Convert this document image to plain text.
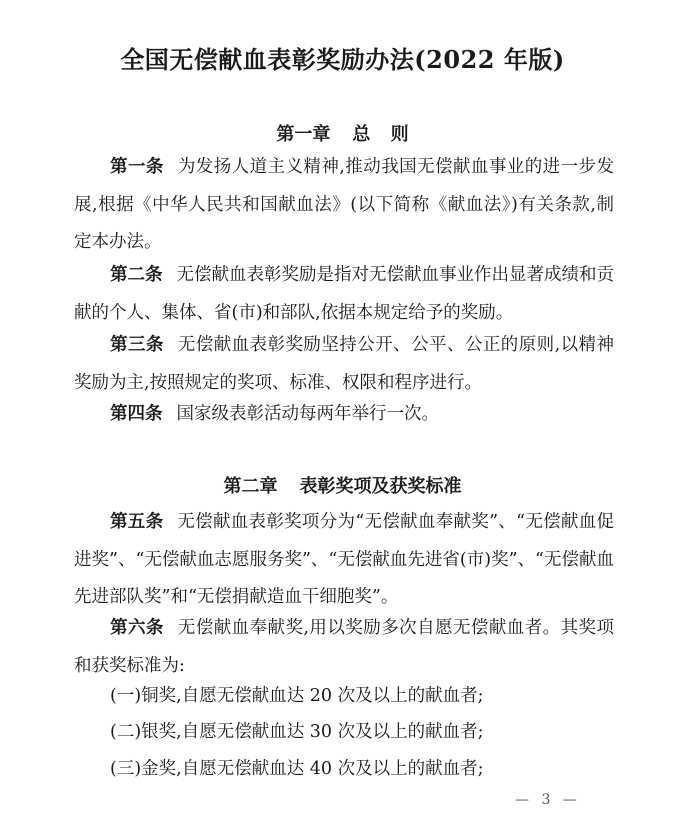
全国无偿献血表彰奖励办法(2022 年版)
第一章 总 则
第一条 为发扬人道主义精神,推动我国无偿献血事业的进一步发展,根据《中华人民共和国献血法》(以下简称《献血法》)有关条款,制定本办法。
第二条 无偿献血表彰奖励是指对无偿献血事业作出显著成绩和贡献的个人、集体、省(市)和部队,依据本规定给予的奖励。
第三条 无偿献血表彰奖励坚持公开、公平、公正的原则,以精神奖励为主,按照规定的奖项、标准、权限和程序进行。
第四条 国家级表彰活动每两年举行一次。
第二章 表彰奖项及获奖标准
第五条 无偿献血表彰奖项分为“无偿献血奉献奖”、“无偿献血促进奖”、“无偿献血志愿服务奖”、“无偿献血先进省(市)奖”、“无偿献血先进部队奖”和“无偿捐献造血干细胞奖”。
第六条 无偿献血奉献奖,用以奖励多次自愿无偿献血者。其奖项和获奖标准为:
(一)铜奖,自愿无偿献血达 20 次及以上的献血者;
(二)银奖,自愿无偿献血达 30 次及以上的献血者;
(三)金奖,自愿无偿献血达 40 次及以上的献血者;
— 3 —
